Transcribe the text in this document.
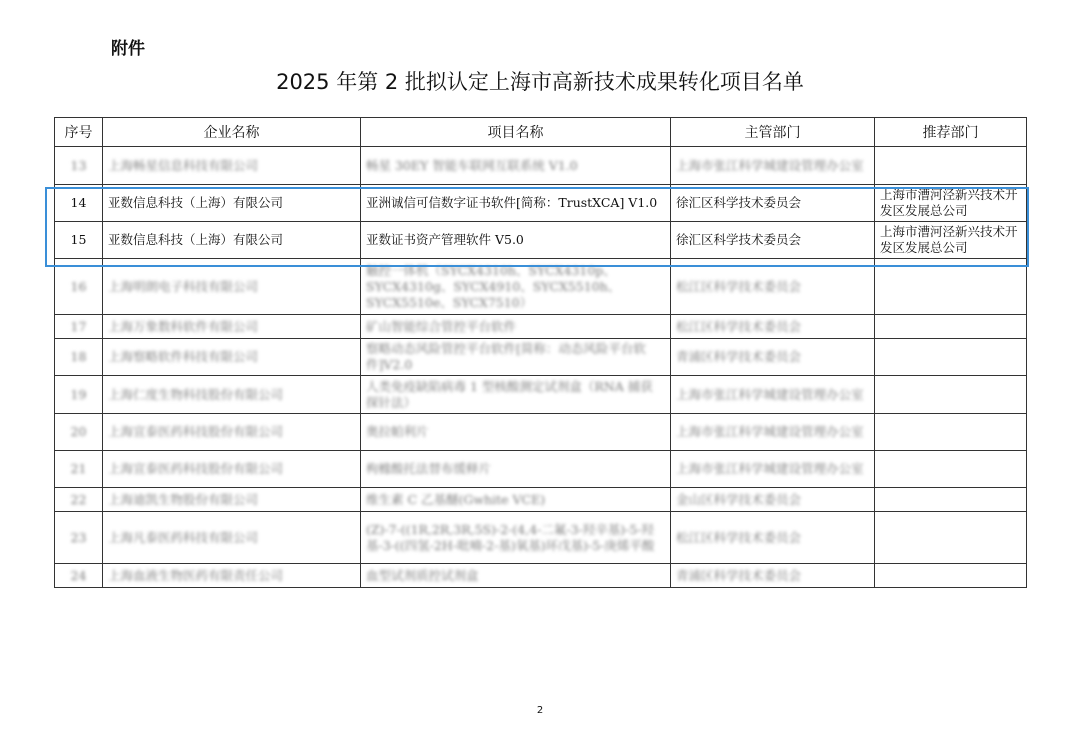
附件
2025 年第 2 批拟认定上海市高新技术成果转化项目名单
序号	企业名称	项目名称	主管部门	推荐部门
13	上海畅星信息科技有限公司	畅星 30EY 智能车联网互联系统 V1.0	上海市张江科学城建设管理办公室	
14	亚数信息科技（上海）有限公司	亚洲诚信可信数字证书软件[简称：TrustXCA] V1.0	徐汇区科学技术委员会	上海市漕河泾新兴技术开发区发展总公司
15	亚数信息科技（上海）有限公司	亚数证书资产管理软件 V5.0	徐汇区科学技术委员会	上海市漕河泾新兴技术开发区发展总公司
16	上海明朗电子科技有限公司	触控一体机（SYCX4310h、SYCX4310p、SYCX4310g、SYCX4910、SYCX5510h、SYCX5510e、SYCX7510）	松江区科学技术委员会	
17	上海万象数科软件有限公司	矿山智能综合管控平台软件	松江区科学技术委员会	
18	上海察略软件科技有限公司	察略动态风险管控平台软件[简称：动态风险平台软件]V2.0	青浦区科学技术委员会	
19	上海仁度生物科技股份有限公司	人类免疫缺陷病毒 1 型核酸测定试剂盒（RNA 捕获探针法）	上海市张江科学城建设管理办公室	
20	上海宣泰医药科技股份有限公司	奥拉帕利片	上海市张江科学城建设管理办公室	
21	上海宣泰医药科技股份有限公司	枸橼酸托法替布缓释片	上海市张江科学城建设管理办公室	
22	上海迪凯生物股份有限公司	维生素 C 乙基醚(Gwhite VCE)	金山区科学技术委员会	
23	上海凡泰医药科技有限公司	(Z)-7-((1R,2R,3R,5S)-2-(4,4-二氟-3-羟辛基)-5-羟基-3-((四氢-2H-吡喃-2-基)氧基)环戊基)-5-庚烯平酸	松江区科学技术委员会	
24	上海血液生物医药有限责任公司	血型试剂质控试剂盒	青浦区科学技术委员会	
2
